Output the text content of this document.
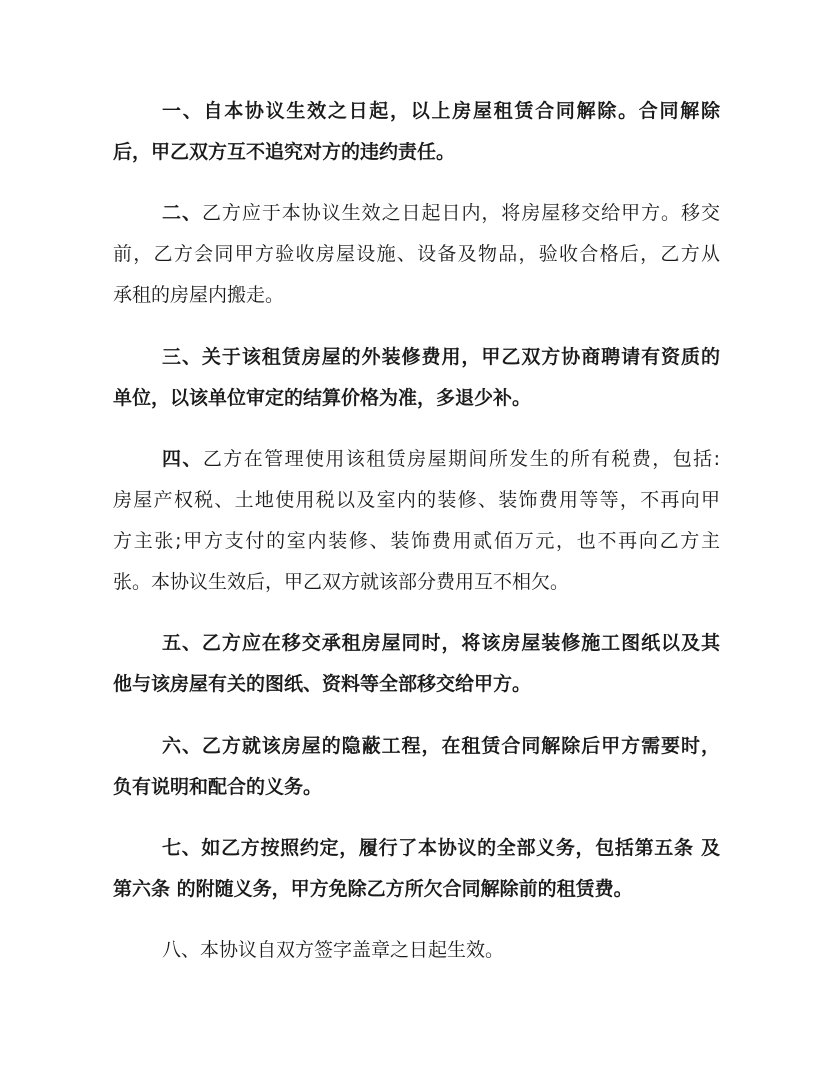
一、自本协议生效之日起，以上房屋租赁合同解除。合同解除
后，甲乙双方互不追究对方的违约责任。
二、乙方应于本协议生效之日起日内，将房屋移交给甲方。移交
前，乙方会同甲方验收房屋设施、设备及物品，验收合格后，乙方从
承租的房屋内搬走。
三、关于该租赁房屋的外装修费用，甲乙双方协商聘请有资质的
单位，以该单位审定的结算价格为准，多退少补。
四、乙方在管理使用该租赁房屋期间所发生的所有税费，包括:
房屋产权税、土地使用税以及室内的装修、装饰费用等等，不再向甲
方主张;甲方支付的室内装修、装饰费用贰佰万元，也不再向乙方主
张。本协议生效后，甲乙双方就该部分费用互不相欠。
五、乙方应在移交承租房屋同时，将该房屋装修施工图纸以及其
他与该房屋有关的图纸、资料等全部移交给甲方。
六、乙方就该房屋的隐蔽工程，在租赁合同解除后甲方需要时，
负有说明和配合的义务。
七、如乙方按照约定，履行了本协议的全部义务，包括第五条 及
第六条 的附随义务，甲方免除乙方所欠合同解除前的租赁费。
八、本协议自双方签字盖章之日起生效。
